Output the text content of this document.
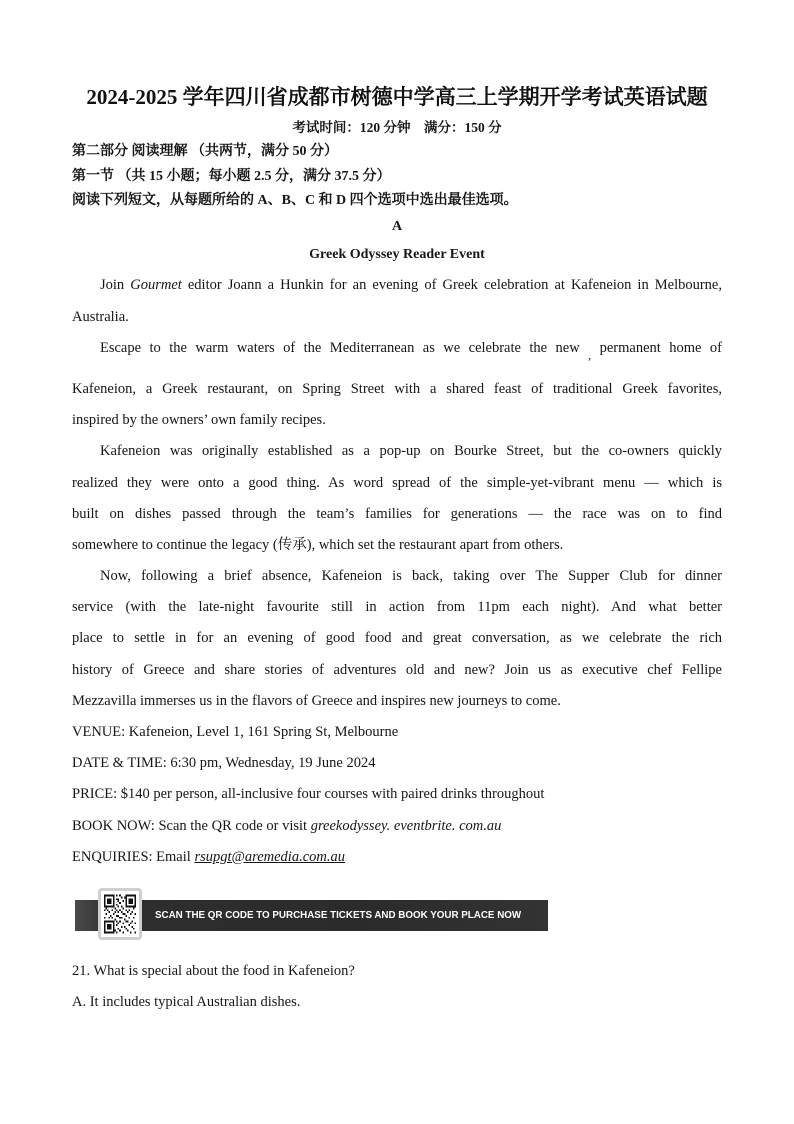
2024-2025 学年四川省成都市树德中学高三上学期开学考试英语试题
考试时间：120 分钟　满分：150 分
第二部分 阅读理解 （共两节，满分 50 分）
第一节 （共 15 小题；每小题 2.5 分，满分 37.5 分）
阅读下列短文，从每题所给的 A、B、C 和 D 四个选项中选出最佳选项。
A
Greek Odyssey Reader Event
Join Gourmet editor Joann a Hunkin for an evening of Greek celebration at Kafeneion in Melbourne,
Australia.
Escape to the warm waters of the Mediterranean as we celebrate the new $_,$ permanent home of
Kafeneion, a Greek restaurant, on Spring Street with a shared feast of traditional Greek favorites,
inspired by the owners’ own family recipes.
Kafeneion was originally established as a pop-up on Bourke Street, but the co-owners quickly
realized they were onto a good thing. As word spread of the simple-yet-vibrant menu — which is
built on dishes passed through the team’s families for generations — the race was on to find
somewhere to continue the legacy (传承), which set the restaurant apart from others.
Now, following a brief absence, Kafeneion is back, taking over The Supper Club for dinner
service (with the late-night favourite still in action from 11pm each night). And what better
place to settle in for an evening of good food and great conversation, as we celebrate the rich
history of Greece and share stories of adventures old and new? Join us as executive chef Fellipe
Mezzavilla immerses us in the flavors of Greece and inspires new journeys to come.
VENUE: Kafeneion, Level 1, 161 Spring St, Melbourne
DATE & TIME: 6:30 pm, Wednesday, 19 June 2024
PRICE: $140 per person, all-inclusive four courses with paired drinks throughout
BOOK NOW: Scan the QR code or visit greekodyssey. eventbrite. com.au
ENQUIRIES: Email rsupgt@aremedia.com.au
SCAN THE QR CODE TO PURCHASE TICKETS AND BOOK YOUR PLACE NOW
21. What is special about the food in Kafeneion?
A. It includes typical Australian dishes.
